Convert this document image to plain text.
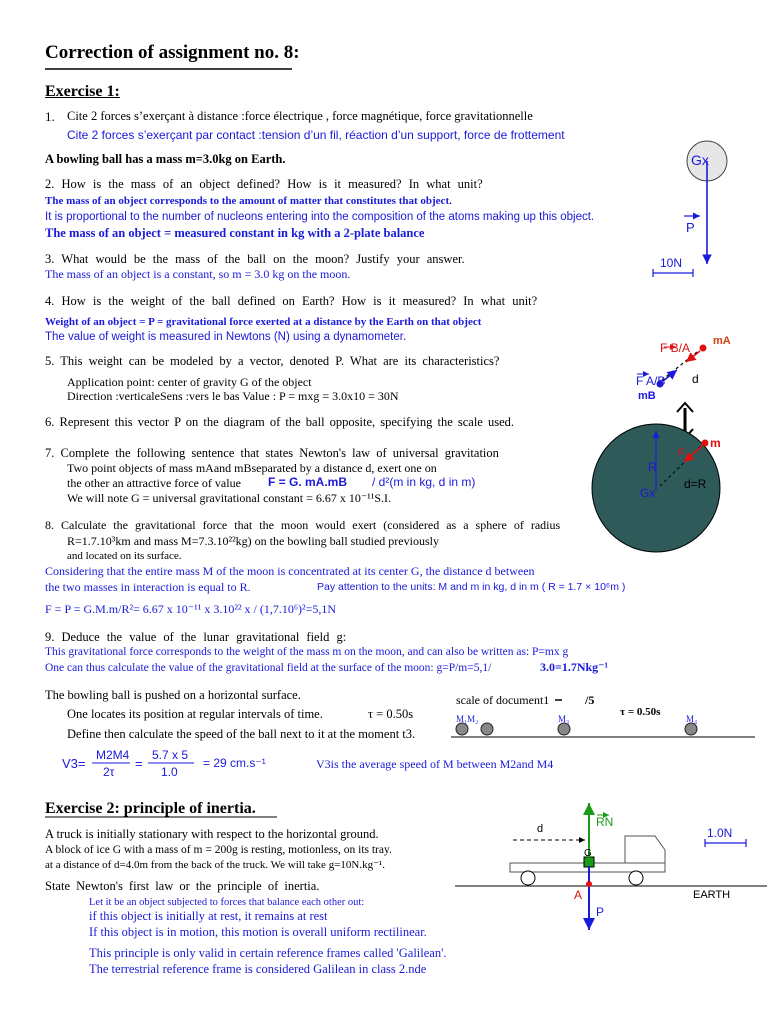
Correction of assignment no. 8:
Exercise 1:
1. Cite 2 forces s’exerçant à distance :force électrique , force magnétique, force gravitationnelle
Cite 2 forces s’exerçant par contact :tension d’un fil, réaction d’un support, force de frottement
A bowling ball has a mass m=3.0kg on Earth.
2. How is the mass of an object defined? How is it measured? In what unit?
The mass of an object corresponds to the amount of matter that constitutes that object.
It is proportional to the number of nucleons entering into the composition of the atoms making up this object.
The mass of an object = measured constant in kg with a 2-plate balance
3. What would be the mass of the ball on the moon? Justify your answer.
The mass of an object is a constant, so m = 3.0 kg on the moon.
4. How is the weight of the ball defined on Earth? How is it measured? In what unit?
Weight of an object = P = gravitational force exerted at a distance by the Earth on that object
The value of weight is measured in Newtons (N) using a dynamometer.
5. This weight can be modeled by a vector, denoted P. What are its characteristics?
Application point: center of gravity G of the object
Direction :verticaleSens :vers le bas Value : P = mxg = 3.0x10 = 30N
6. Represent this vector P on the diagram of the ball opposite, specifying the scale used.
7. Complete the following sentence that states Newton's law of universal gravitation
Two point objects of mass mAand mBseparated by a distance d, exert one on
the other an attractive force of value F = G. mA.mB / d²(m in kg, d in m)
We will note G = universal gravitational constant = 6.67 x 10⁻¹¹S.I.
8. Calculate the gravitational force that the moon would exert (considered as a sphere of radius
R=1.7.10³km and mass M=7.3.10²²kg) on the bowling ball studied previously
and located on its surface.
Considering that the entire mass M of the moon is concentrated at its center G, the distance d between
the two masses in interaction is equal to R.	Pay attention to the units: M and m in kg, d in m ( R = 1.7 × 10⁶m )
F = P = G.M.m/R²= 6.67 x 10⁻¹¹ x 3.10²² x / (1,7.10⁶)²=5,1N
9. Deduce the value of the lunar gravitational field g:
This gravitational force corresponds to the weight of the mass m on the moon, and can also be written as: P=mx g
One can thus calculate the value of the gravitational field at the surface of the moon: g=P/m=5,1/	3.0=1.7Nkg⁻¹
The bowling ball is pushed on a horizontal surface.
One locates its position at regular intervals of time.	τ = 0.50s
Define then calculate the speed of the ball next to it at the moment t3.
scale of document1	/5
τ = 0.50s
M₁M₂	M₃	M₄
V3=
M2M4
2τ
=
5.7 x 5
1.0
= 29 cm.s⁻¹	V3is the average speed of M between M2and M4
Exercise 2: principle of inertia.
A truck is initially stationary with respect to the horizontal ground.
A block of ice G with a mass of m = 200g is resting, motionless, on its tray.
at a distance of d=4.0m from the back of the truck. We will take g=10N.kg⁻¹.
State Newton's first law or the principle of inertia.
Let it be an object subjected to forces that balance each other out:
if this object is initially at rest, it remains at rest
If this object is in motion, this motion is overall uniform rectilinear.
This principle is only valid in certain reference frames called 'Galilean'.
The terrestrial reference frame is considered Galilean in class 2.nde
Gx
P
10N
F B/A mA
F A/B
mB
d
m
R
F
d=R
Gx
d	RN
G
A
P
1.0N
EARTH
